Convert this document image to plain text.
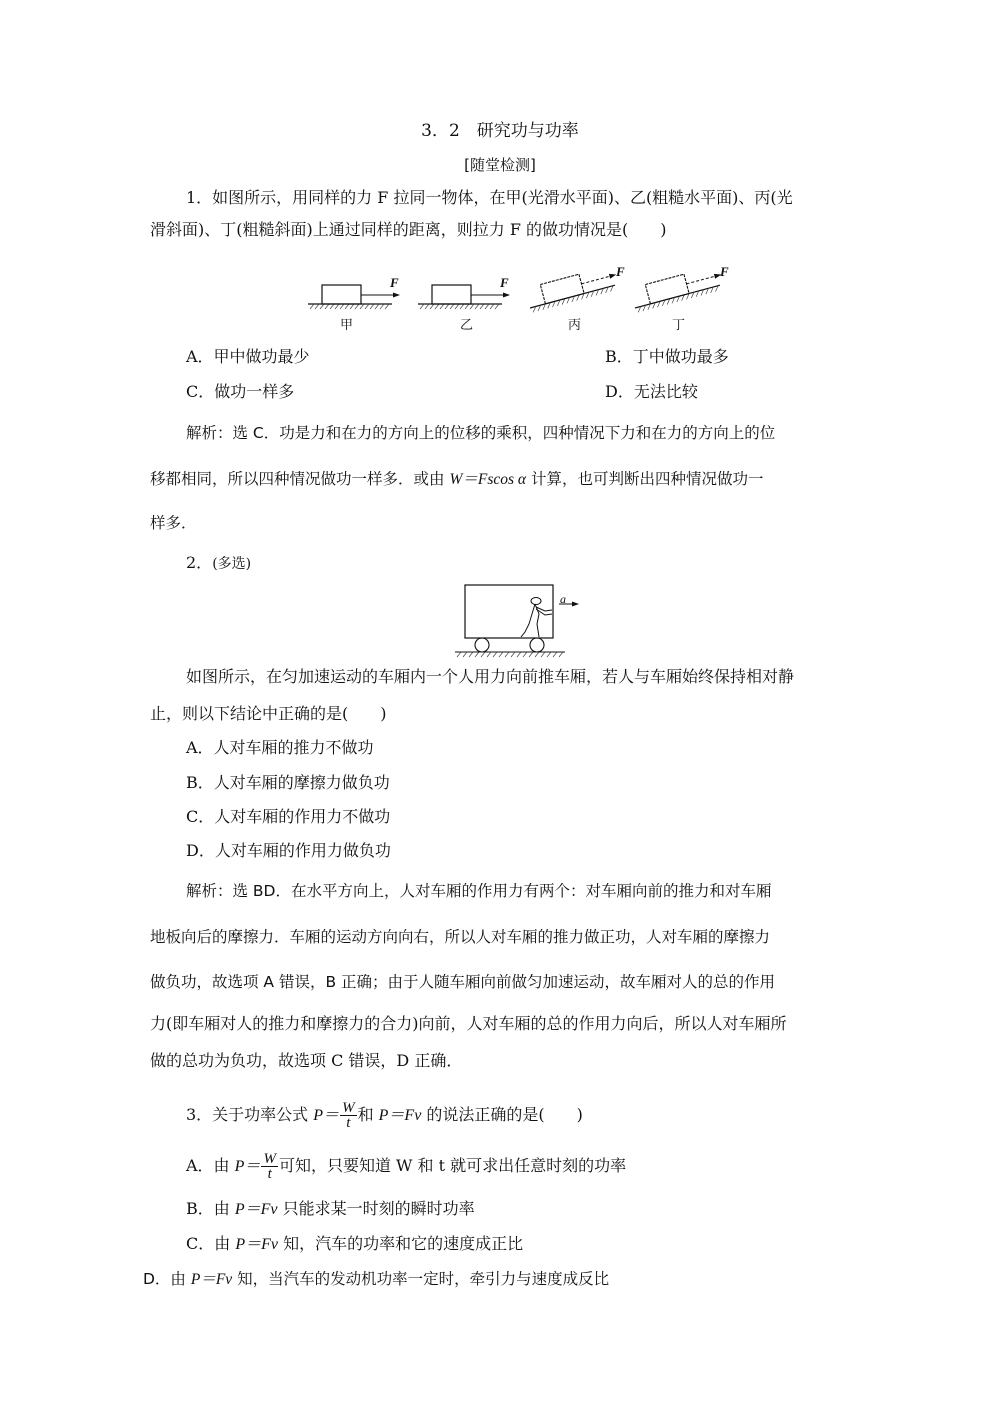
3．2　研究功与功率
[随堂检测]
1．如图所示，用同样的力 F 拉同一物体，在甲(光滑水平面)、乙(粗糙水平面)、丙(光
滑斜面)、丁(粗糙斜面)上通过同样的距离，则拉力 F 的做功情况是(　　)
F
甲
F
乙
F
丙
F
丁
A．甲中做功最少	B．丁中做功最多
C．做功一样多	D．无法比较
解析：选 C．功是力和在力的方向上的位移的乘积，四种情况下力和在力的方向上的位
移都相同，所以四种情况做功一样多．或由 W＝Fscos α 计算，也可判断出四种情况做功一
样多．
2．(多选)
a
如图所示，在匀加速运动的车厢内一个人用力向前推车厢，若人与车厢始终保持相对静
止，则以下结论中正确的是(　　)
A．人对车厢的推力不做功
B．人对车厢的摩擦力做负功
C．人对车厢的作用力不做功
D．人对车厢的作用力做负功
解析：选 BD．在水平方向上，人对车厢的作用力有两个：对车厢向前的推力和对车厢
地板向后的摩擦力．车厢的运动方向向右，所以人对车厢的推力做正功，人对车厢的摩擦力
做负功，故选项 A 错误，B 正确；由于人随车厢向前做匀加速运动，故车厢对人的总的作用
力(即车厢对人的推力和摩擦力的合力)向前，人对车厢的总的作用力向后，所以人对车厢所
做的总功为负功，故选项 C 错误，D 正确．
3．关于功率公式 $P= \frac{W}{t}$ 和 P＝Fv 的说法正确的是(　　)
A．由 $P= \frac{W}{t}$ 可知，只要知道 W 和 t 就可求出任意时刻的功率
B．由 P＝Fv 只能求某一时刻的瞬时功率
C．由 P＝Fv 知，汽车的功率和它的速度成正比
D．由 P＝Fv 知，当汽车的发动机功率一定时，牵引力与速度成反比
